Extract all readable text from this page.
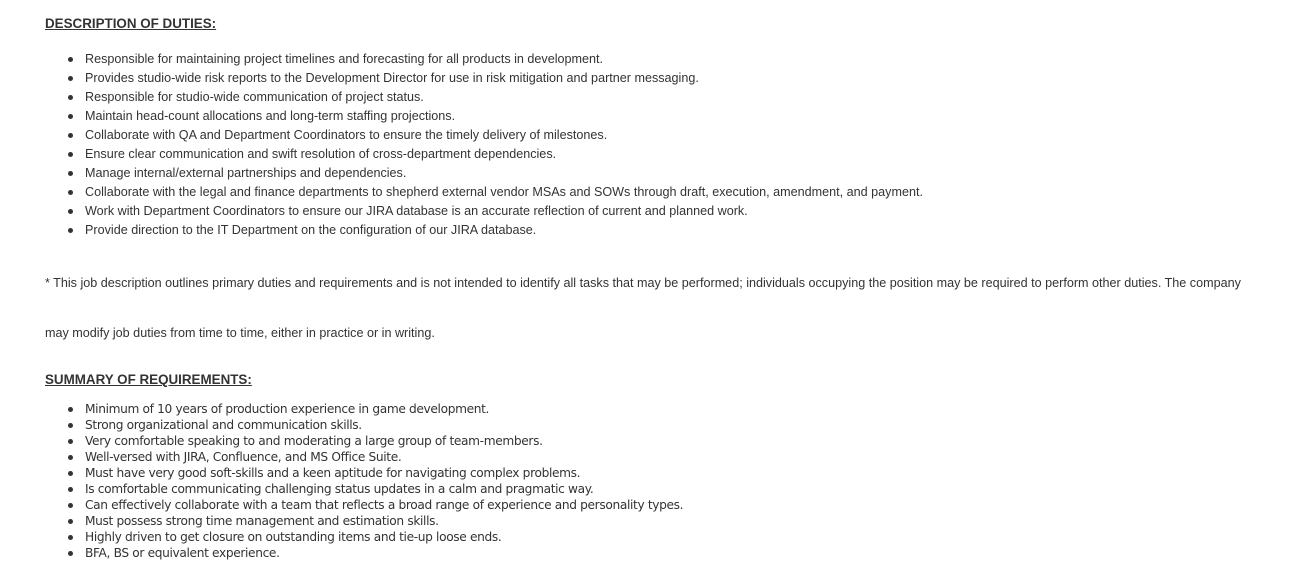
DESCRIPTION OF DUTIES:
Responsible for maintaining project timelines and forecasting for all products in development.
Provides studio-wide risk reports to the Development Director for use in risk mitigation and partner messaging.
Responsible for studio-wide communication of project status.
Maintain head-count allocations and long-term staffing projections.
Collaborate with QA and Department Coordinators to ensure the timely delivery of milestones.
Ensure clear communication and swift resolution of cross-department dependencies.
Manage internal/external partnerships and dependencies.
Collaborate with the legal and finance departments to shepherd external vendor MSAs and SOWs through draft, execution, amendment, and payment.
Work with Department Coordinators to ensure our JIRA database is an accurate reflection of current and planned work.
Provide direction to the IT Department on the configuration of our JIRA database.
* This job description outlines primary duties and requirements and is not intended to identify all tasks that may be performed; individuals occupying the position may be required to perform other duties. The company
may modify job duties from time to time, either in practice or in writing.
SUMMARY OF REQUIREMENTS:
Minimum of 10 years of production experience in game development.
Strong organizational and communication skills.
Very comfortable speaking to and moderating a large group of team-members.
Well-versed with JIRA, Confluence, and MS Office Suite.
Must have very good soft-skills and a keen aptitude for navigating complex problems.
Is comfortable communicating challenging status updates in a calm and pragmatic way.
Can effectively collaborate with a team that reflects a broad range of experience and personality types.
Must possess strong time management and estimation skills.
Highly driven to get closure on outstanding items and tie-up loose ends.
BFA, BS or equivalent experience.
